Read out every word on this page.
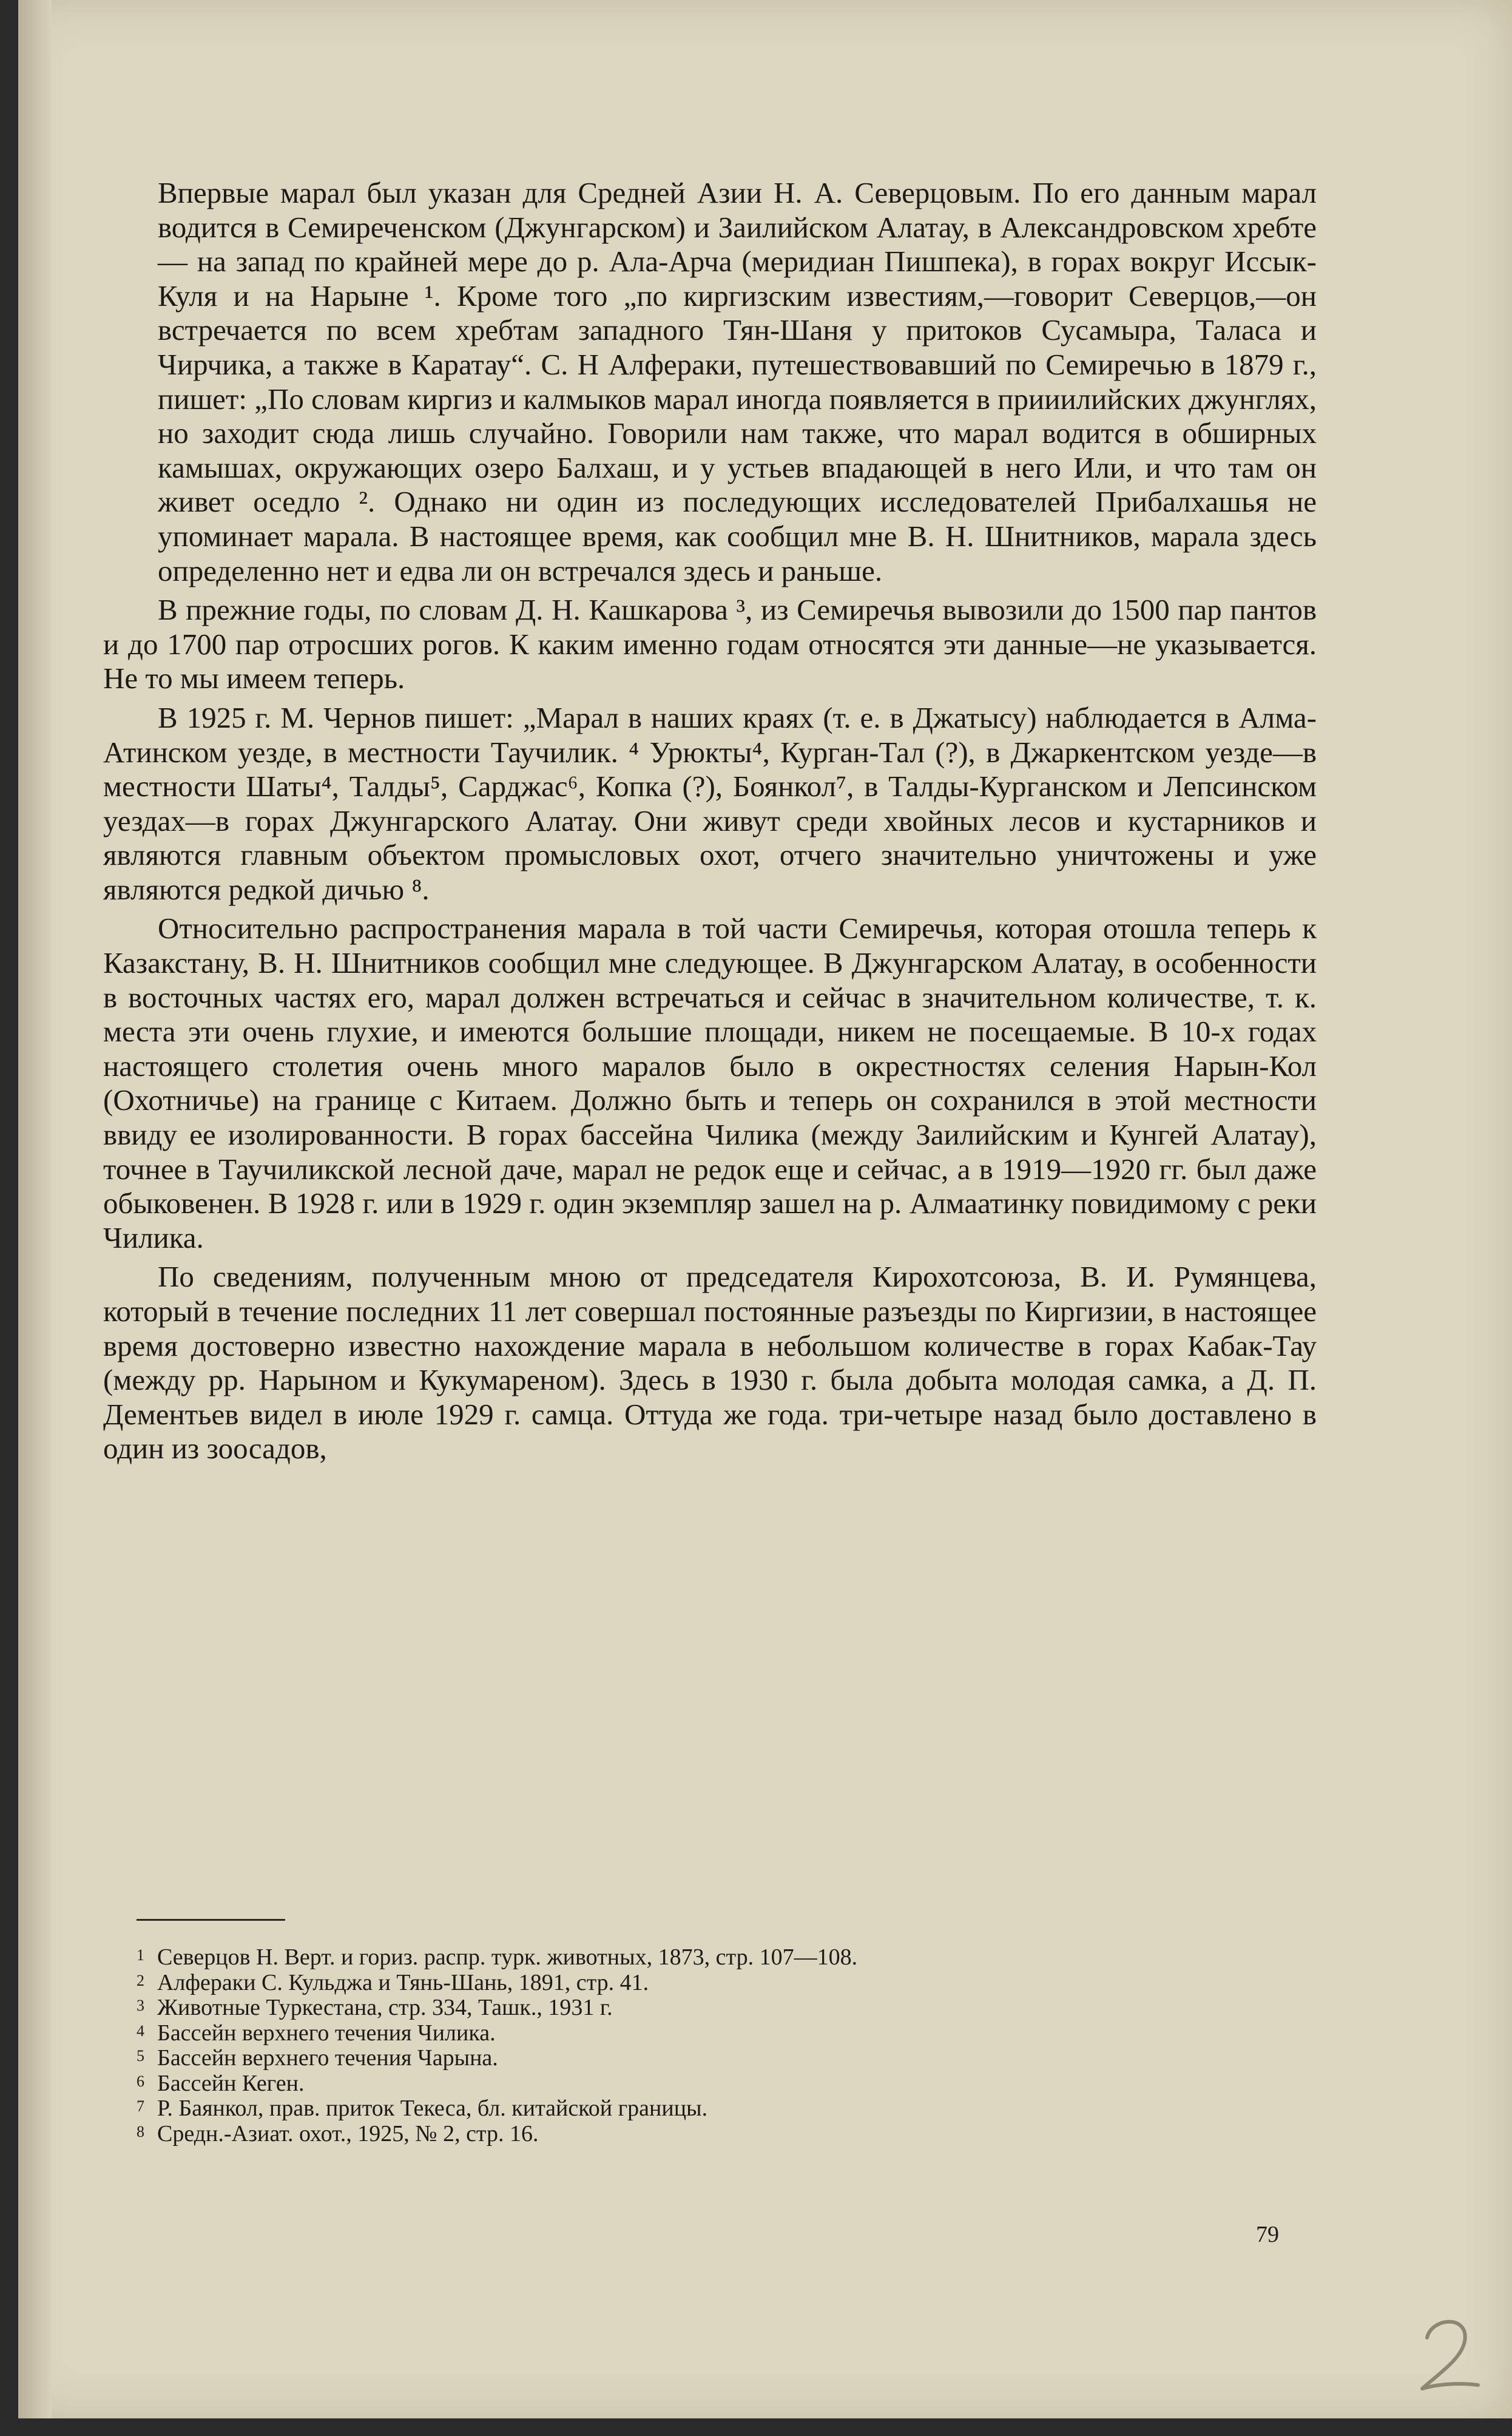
Впервые марал был указан для Средней Азии Н. А. Северцовым. По его данным марал водится в Семиреченском (Джунгарском) и Заилийском Алатау, в Александровском хребте — на запад по крайней мере до р. Ала-Арча (меридиан Пишпека), в горах вокруг Иссык-Куля и на Нарыне ¹. Кроме того „по киргизским известиям,—говорит Северцов,—он встречается по всем хребтам западного Тян-Шаня у притоков Сусамыра, Таласа и Чирчика, а также в Каратау“. С. Н Алфераки, путешествовавший по Семиречью в 1879 г., пишет: „По словам киргиз и калмыков марал иногда появляется в прииилийских джунглях, но заходит сюда лишь случайно. Говорили нам также, что марал водится в обширных камышах, окружающих озеро Балхаш, и у устьев впадающей в него Или, и что там он живет оседло ². Однако ни один из последующих исследователей Прибалхашья не упоминает марала. В настоящее время, как сообщил мне В. Н. Шнитников, марала здесь определенно нет и едва ли он встречался здесь и раньше.

В прежние годы, по словам Д. Н. Кашкарова ³, из Семиречья вывозили до 1500 пар пантов и до 1700 пар отросших рогов. К каким именно годам относятся эти данные—не указывается. Не то мы имеем теперь.

В 1925 г. М. Чернов пишет: „Марал в наших краях (т. е. в Джатысу) наблюдается в Алма-Атинском уезде, в местности Таучилик. ⁴ Урюкты⁴, Курган-Тал (?), в Джаркентском уезде—в местности Шаты⁴, Талды⁵, Сарджас⁶, Копка (?), Боянкол⁷, в Талды-Курганском и Лепсинском уездах—в горах Джунгарского Алатау. Они живут среди хвойных лесов и кустарников и являются главным объектом промысловых охот, отчего значительно уничтожены и уже являются редкой дичью ⁸.

Относительно распространения марала в той части Семиречья, которая отошла теперь к Казакстану, В. Н. Шнитников сообщил мне следующее. В Джунгарском Алатау, в особенности в восточных частях его, марал должен встречаться и сейчас в значительном количестве, т. к. места эти очень глухие, и имеются большие площади, никем не посещаемые. В 10-х годах настоящего столетия очень много маралов было в окрестностях селения Нарын-Кол (Охотничье) на границе с Китаем. Должно быть и теперь он сохранился в этой местности ввиду ее изолированности. В горах бассейна Чилика (между Заилийским и Кунгей Алатау), точнее в Таучиликской лесной даче, марал не редок еще и сейчас, а в 1919—1920 гг. был даже обыковенен. В 1928 г. или в 1929 г. один экземпляр зашел на р. Алмаатинку повидимому с реки Чилика.

По сведениям, полученным мною от председателя Кирохотсоюза, В. И. Румянцева, который в течение последних 11 лет совершал постоянные разъезды по Киргизии, в настоящее время достоверно известно нахождение марала в небольшом количестве в горах Кабак-Тау (между рр. Нарыном и Кукумареном). Здесь в 1930 г. была добыта молодая самка, а Д. П. Дементьев видел в июле 1929 г. самца. Оттуда же года. три-четыре назад было доставлено в один из зоосадов,

1 Северцов Н. Верт. и гориз. распр. турк. животных, 1873, стр. 107—108.
2 Алфераки С. Кульджа и Тянь-Шань, 1891, стр. 41.
3 Животные Туркестана, стр. 334, Ташк., 1931 г.
4 Бассейн верхнего течения Чилика.
5 Бассейн верхнего течения Чарына.
6 Бассейн Кеген.
7 Р. Баянкол, прав. приток Текеса, бл. китайской границы.
8 Средн.-Азиат. охот., 1925, № 2, стр. 16.
79
